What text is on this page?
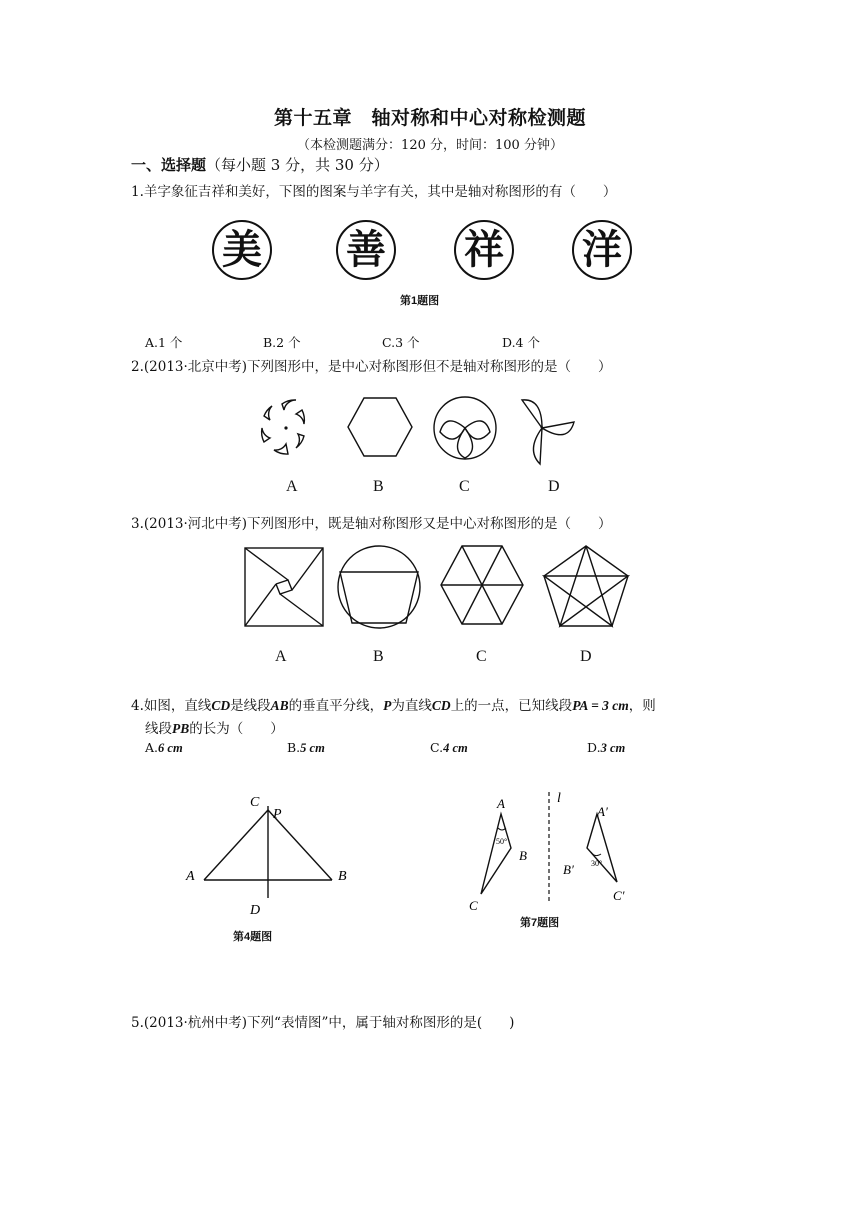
第十五章　轴对称和中心对称检测题
（本检测题满分：120 分，时间：100 分钟）
一、选择题（每小题 3 分，共 30 分）
1.羊字象征吉祥和美好，下图的图案与羊字有关，其中是轴对称图形的有（　　）
美 善 祥 洋
第1题图
A.1 个	B.2 个	C.3 个	D.4 个
2.(2013·北京中考)下列图形中，是中心对称图形但不是轴对称图形的是（　　）
A	B	C	D
3.(2013·河北中考)下列图形中，既是轴对称图形又是中心对称图形的是（　　）
A	B	C	D
4.如图，直线CD是线段AB的垂直平分线，P为直线CD上的一点，已知线段PA = 3 cm，则
线段PB的长为（　　）
A.6 cm	B.5 cm	C.4 cm	D.3 cm
C
P
A	B
D
第4题图
A
B
C
l
A′
B′
C′
50°
30°
第7题图
5.(2013·杭州中考)下列“表情图”中，属于轴对称图形的是(　　)
